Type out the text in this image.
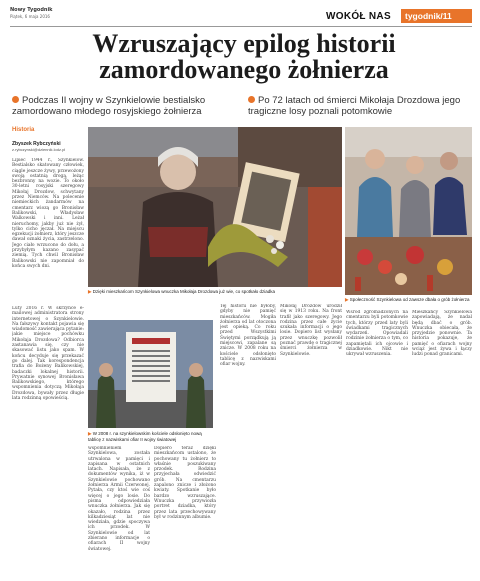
Nowy Tygodnik
Piątek, 6 maja 2016	WOKÓŁ NAS	tygodnik/11
Wzruszający epilog historii zamordowanego żołnierza
Podczas II wojny w Szynkielowie bestialsko zamordowano młodego rosyjskiego żołnierza
Po 72 latach od śmierci Mikołaja Drozdowa jego tragiczne losy poznali potomkowie
Historia
Zbyszek Rybczyński
z.rybczynski@dziennik.lodz.pl
▶ Dzięki mieszkańcom Szynkielowa wnuczka Mikołaja Drozdowa już wie, co spotkało dziadka
▶ Społeczność Szynkielowa od zawsze dbała o grób żołnierza
▶ W 2008 r. na szynkielowskim kościele odsłonięto nową tablicę z nazwiskami ofiar II wojny światowej
Lipiec 1944 r., Szynkielów. Bestialsko skatowany człowiek, ciągle jeszcze żywy, przewożony swoją ostatnią drogą, leżąc bezbronny na wozie. To około 30-letni rosyjski szeregowy Mikołaj Drozdow, schwytany przez Niemców. Na polecenie niemieckich żandarmów na cmentarz wiozą go Bronisław Balikowski, Władysław Walkowski i inni. Leżał nieruchomy, jakby już nie żył, tylko cicho jęczał. Na miejscu egzekucji żołnierz, który jeszcze dawał oznaki życia, zastrzelono. Jego ciało wrzucono do dołu, a przybyłym kazano zasypać ziemią. Tych chwil Bronisław Balikowski nie zapomniał do końca swych dni.
Luty 2016 r. W skrzynce e-mailowej administratora strony internetowej o Szynkielowie. Na fałszywy kontakt pojawia się wiadomość zawierająca pytanie: jakie miejsce pochówku Mikołaja Drozdowa? Odbiorca zastanawia się, czy nie skasować listu jako spam. W końcu decyduje się przekazać go dalej. Tak korespondencja trafia do Bożeny Balikowskiej, badaczki lokalnej historii. Prywatnie synowej Bronisława Balikowskiego, którego wspomnienia dotyczą Mikołaja Drozdowa, bywały przez długie lata rodzinną opowieścią.
wspomnieniem Szynkielowa, została utrwalona w pamięci i zapisana w ostatnich latach. Napisała, że z dokumentów wynika, iż w Szynkielowie pochowano żołnierza Armii Czerwonej. Pytała, czy ktoś wie coś więcej o jego losie. Do pisma odpowiedziała wnuczka żołnierza. Jak się okazało, rodzina przez kilkadziesiąt lat nie wiedziała, gdzie spoczywa ich przodek. W Szynkielowie od lat zbierano informacje o ofiarach II wojny światowej.
Dopiero teraz dzięki mieszkańcom ustalono, że pochowany tu żołnierz to właśnie poszukiwany przodek. Rodzina przyjechała odwiedzić grób. Na cmentarzu zapalono znicze i złożono kwiaty. Spotkanie było bardzo wzruszające. Wnuczka przywiozła portret dziadka, który przez lata przechowywany był w rodzinnym albumie.
Tej historii nie byłoby, gdyby nie pamięć mieszkańców. Mogiła żołnierza od lat otoczona jest opieką. Co roku przed Wszystkimi Świętymi porządkują ją miejscowi, zapalane są znicze. W 2008 roku na kościele odsłonięto tablicę z nazwiskami ofiar wojny.
Mikołaj Drozdow urodził się w 1913 roku. Na front trafił jako szeregowy. Jego rodzina przez całe życie szukała informacji o jego losie. Dopiero list wysłany przez wnuczkę pozwolił poznać prawdę o tragicznej śmierci żołnierza w Szynkielowie.
Wśród zgromadzonych na cmentarzu byli potomkowie tych, którzy przed laty byli świadkami tragicznych wydarzeń. Opowiadali rodzinie żołnierza o tym, co zapamiętali ich ojcowie i dziadkowie. Nikt nie ukrywał wzruszenia.
Mieszkańcy Szynkielowa zapowiadają, że nadal będą dbać o grób. Wnuczka obiecała, że przyjedzie ponownie. Ta historia pokazuje, że pamięć o ofiarach wojny wciąż jest żywa i łączy ludzi ponad granicami.
